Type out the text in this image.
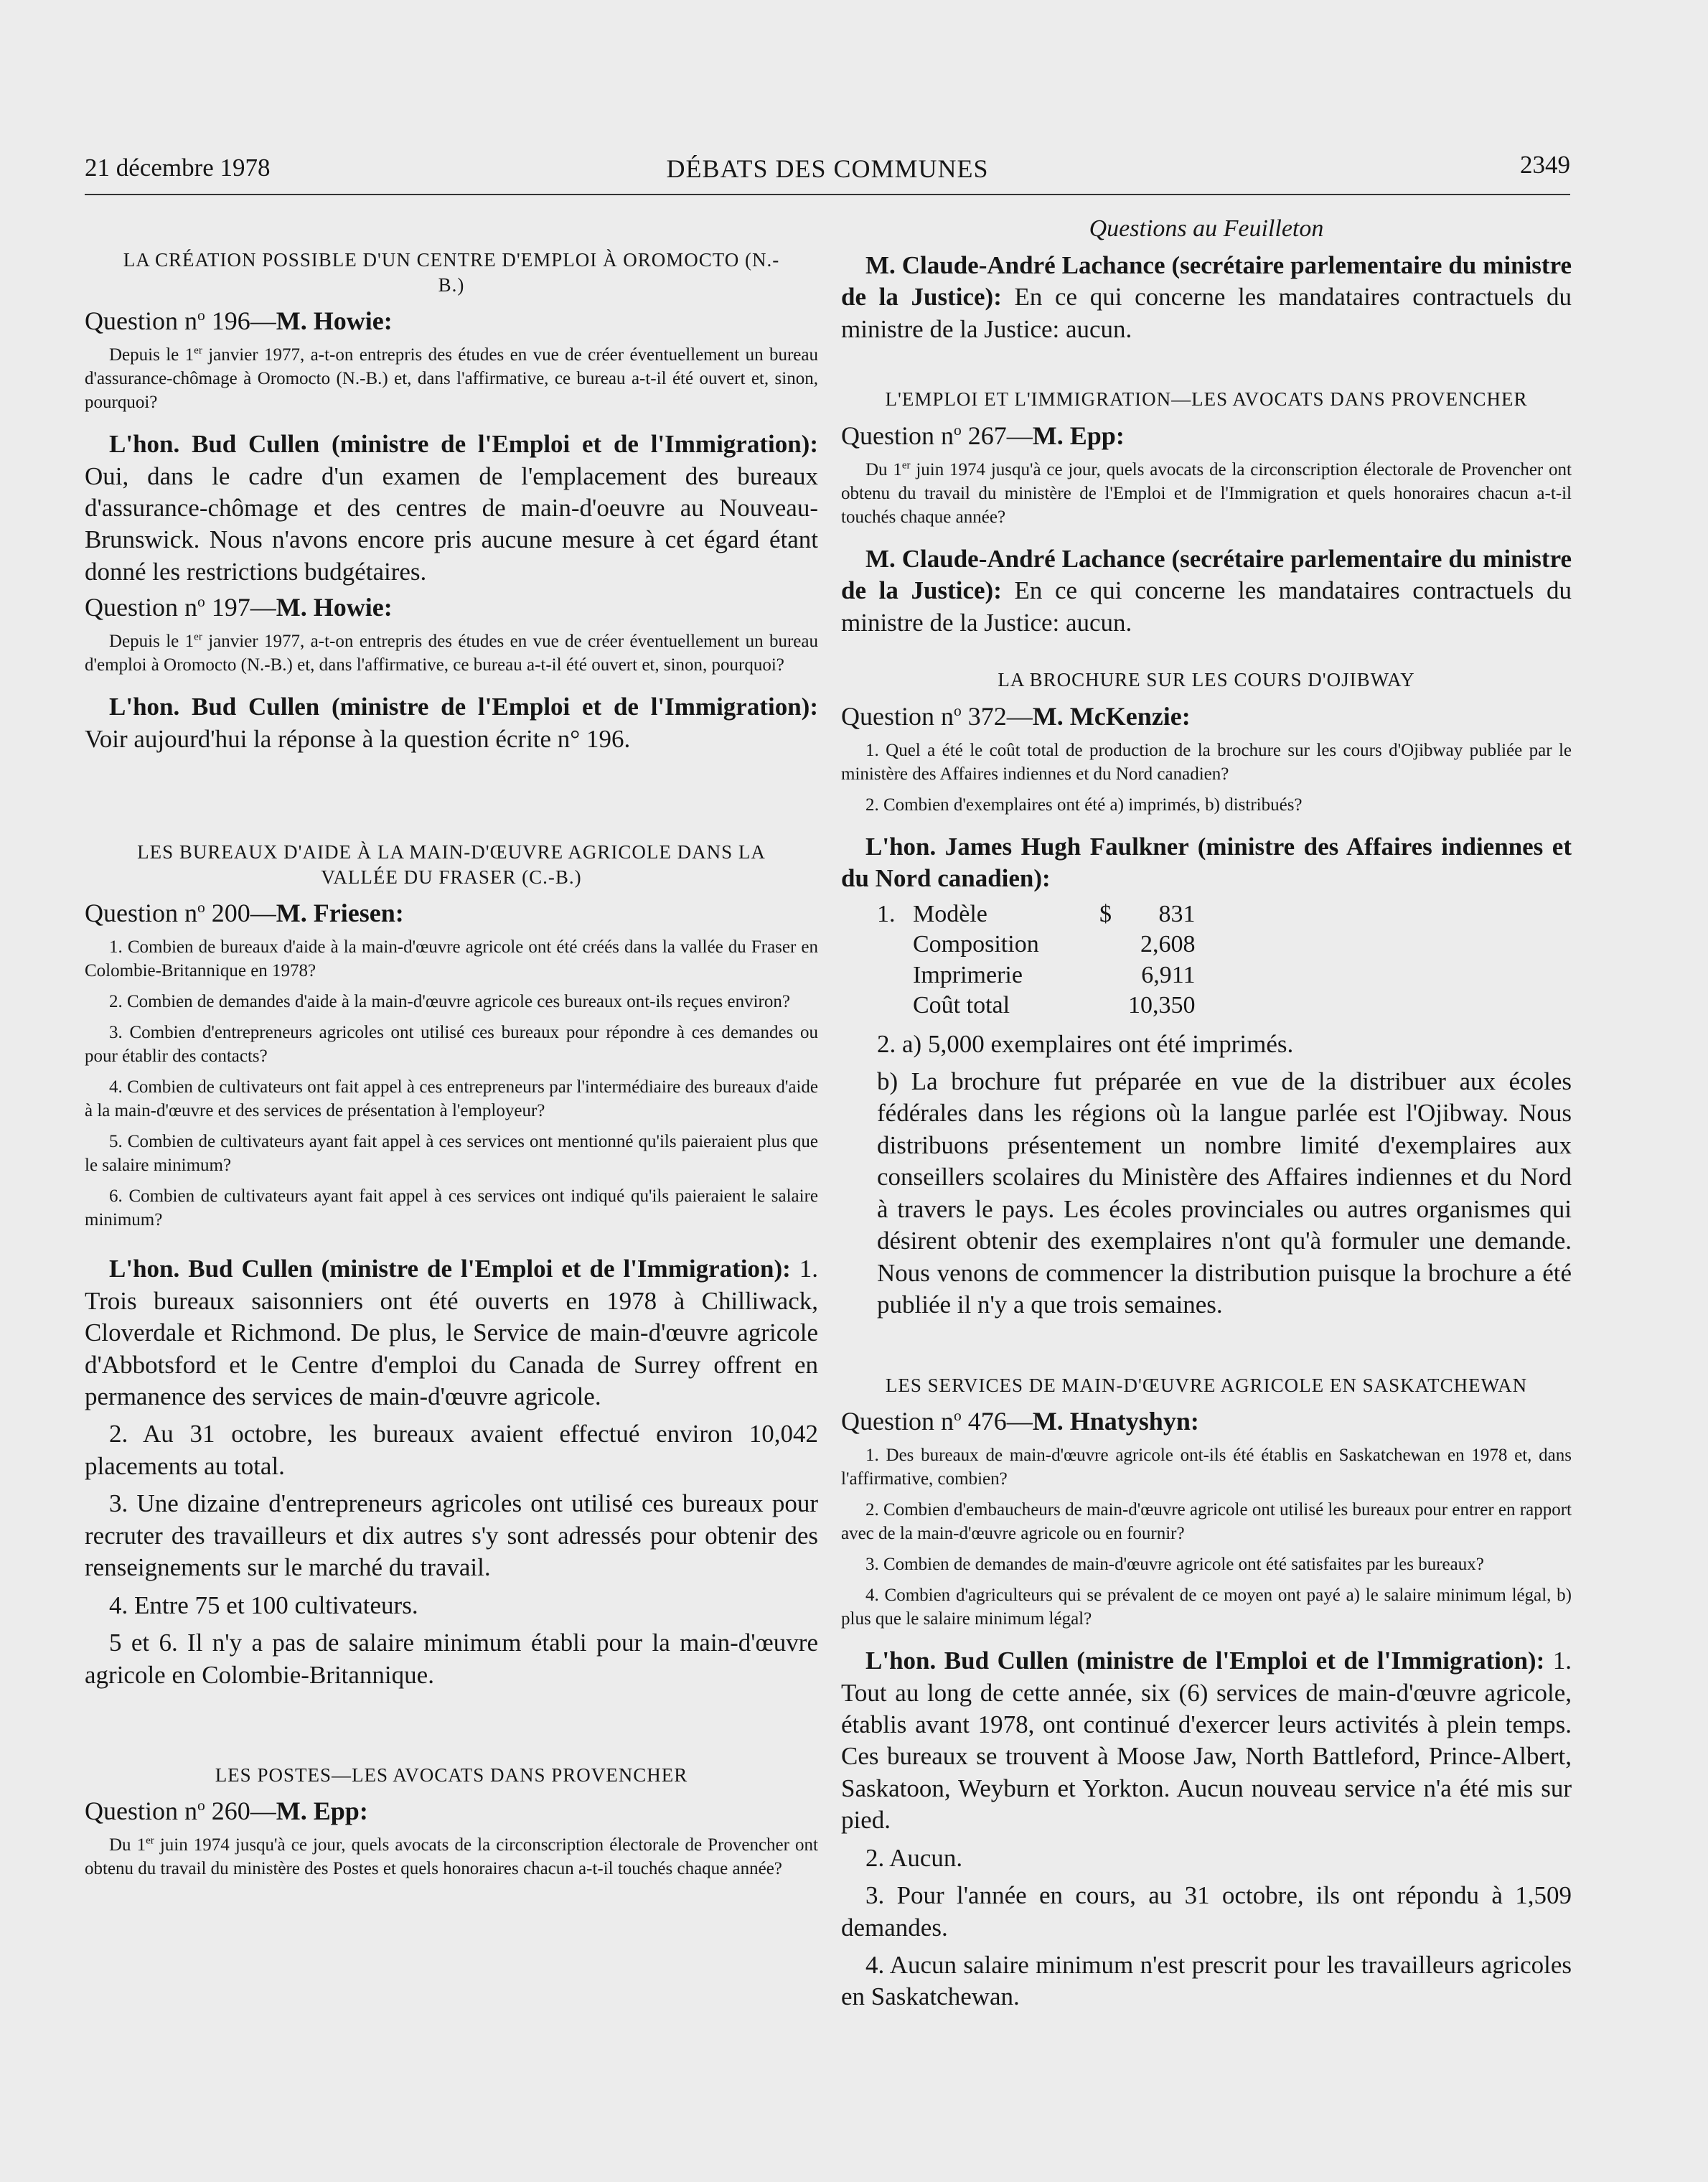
21 décembre 1978	DÉBATS DES COMMUNES	2349
LA CRÉATION POSSIBLE D'UN CENTRE D'EMPLOI À OROMOCTO (N.-B.)
Question $n^o$ 196—M. Howie:

Depuis le 1er janvier 1977, a-t-on entrepris des études en vue de créer éventuellement un bureau d'assurance-chômage à Oromocto (N.-B.) et, dans l'affirmative, ce bureau a-t-il été ouvert et, sinon, pourquoi?

L'hon. Bud Cullen (ministre de l'Emploi et de l'Immigration): Oui, dans le cadre d'un examen de l'emplacement des bureaux d'assurance-chômage et des centres de main-d'oeuvre au Nouveau-Brunswick. Nous n'avons encore pris aucune mesure à cet égard étant donné les restrictions budgétaires.

Question $n^o$ 197—M. Howie:

Depuis le 1er janvier 1977, a-t-on entrepris des études en vue de créer éventuellement un bureau d'emploi à Oromocto (N.-B.) et, dans l'affirmative, ce bureau a-t-il été ouvert et, sinon, pourquoi?

L'hon. Bud Cullen (ministre de l'Emploi et de l'Immigration): Voir aujourd'hui la réponse à la question écrite n° 196.

LES BUREAUX D'AIDE À LA MAIN-D'ŒUVRE AGRICOLE DANS LA VALLÉE DU FRASER (C.-B.)
Question $n^o$ 200—M. Friesen:

1. Combien de bureaux d'aide à la main-d'œuvre agricole ont été créés dans la vallée du Fraser en Colombie-Britannique en 1978?

2. Combien de demandes d'aide à la main-d'œuvre agricole ces bureaux ont-ils reçues environ?

3. Combien d'entrepreneurs agricoles ont utilisé ces bureaux pour répondre à ces demandes ou pour établir des contacts?

4. Combien de cultivateurs ont fait appel à ces entrepreneurs par l'intermédiaire des bureaux d'aide à la main-d'œuvre et des services de présentation à l'employeur?

5. Combien de cultivateurs ayant fait appel à ces services ont mentionné qu'ils paieraient plus que le salaire minimum?

6. Combien de cultivateurs ayant fait appel à ces services ont indiqué qu'ils paieraient le salaire minimum?

L'hon. Bud Cullen (ministre de l'Emploi et de l'Immigration): 1. Trois bureaux saisonniers ont été ouverts en 1978 à Chilliwack, Cloverdale et Richmond. De plus, le Service de main-d'œuvre agricole d'Abbotsford et le Centre d'emploi du Canada de Surrey offrent en permanence des services de main-d'œuvre agricole.

2. Au 31 octobre, les bureaux avaient effectué environ 10,042 placements au total.

3. Une dizaine d'entrepreneurs agricoles ont utilisé ces bureaux pour recruter des travailleurs et dix autres s'y sont adressés pour obtenir des renseignements sur le marché du travail.

4. Entre 75 et 100 cultivateurs.

5 et 6. Il n'y a pas de salaire minimum établi pour la main-d'œuvre agricole en Colombie-Britannique.

LES POSTES—LES AVOCATS DANS PROVENCHER
Question $n^o$ 260—M. Epp:

Du 1er juin 1974 jusqu'à ce jour, quels avocats de la circonscription électorale de Provencher ont obtenu du travail du ministère des Postes et quels honoraires chacun a-t-il touchés chaque année?

Questions au Feuilleton

M. Claude-André Lachance (secrétaire parlementaire du ministre de la Justice): En ce qui concerne les mandataires contractuels du ministre de la Justice: aucun.

L'EMPLOI ET L'IMMIGRATION—LES AVOCATS DANS PROVENCHER
Question $n^o$ 267—M. Epp:

Du 1er juin 1974 jusqu'à ce jour, quels avocats de la circonscription électorale de Provencher ont obtenu du travail du ministère de l'Emploi et de l'Immigration et quels honoraires chacun a-t-il touchés chaque année?

M. Claude-André Lachance (secrétaire parlementaire du ministre de la Justice): En ce qui concerne les mandataires contractuels du ministre de la Justice: aucun.

LA BROCHURE SUR LES COURS D'OJIBWAY
Question $n^o$ 372—M. McKenzie:

1. Quel a été le coût total de production de la brochure sur les cours d'Ojibway publiée par le ministère des Affaires indiennes et du Nord canadien?

2. Combien d'exemplaires ont été a) imprimés, b) distribués?

L'hon. James Hugh Faulkner (ministre des Affaires indiennes et du Nord canadien):

1.	Modèle	$	831
	Composition		2,608
	Imprimerie		6,911
	Coût total		10,350

2. a) 5,000 exemplaires ont été imprimés.

b) La brochure fut préparée en vue de la distribuer aux écoles fédérales dans les régions où la langue parlée est l'Ojibway. Nous distribuons présentement un nombre limité d'exemplaires aux conseillers scolaires du Ministère des Affaires indiennes et du Nord à travers le pays. Les écoles provinciales ou autres organismes qui désirent obtenir des exemplaires n'ont qu'à formuler une demande. Nous venons de commencer la distribution puisque la brochure a été publiée il n'y a que trois semaines.

LES SERVICES DE MAIN-D'ŒUVRE AGRICOLE EN SASKATCHEWAN
Question $n^o$ 476—M. Hnatyshyn:

1. Des bureaux de main-d'œuvre agricole ont-ils été établis en Saskatchewan en 1978 et, dans l'affirmative, combien?

2. Combien d'embaucheurs de main-d'œuvre agricole ont utilisé les bureaux pour entrer en rapport avec de la main-d'œuvre agricole ou en fournir?

3. Combien de demandes de main-d'œuvre agricole ont été satisfaites par les bureaux?

4. Combien d'agriculteurs qui se prévalent de ce moyen ont payé a) le salaire minimum légal, b) plus que le salaire minimum légal?

L'hon. Bud Cullen (ministre de l'Emploi et de l'Immigration): 1. Tout au long de cette année, six (6) services de main-d'œuvre agricole, établis avant 1978, ont continué d'exercer leurs activités à plein temps. Ces bureaux se trouvent à Moose Jaw, North Battleford, Prince-Albert, Saskatoon, Weyburn et Yorkton. Aucun nouveau service n'a été mis sur pied.

2. Aucun.

3. Pour l'année en cours, au 31 octobre, ils ont répondu à 1,509 demandes.

4. Aucun salaire minimum n'est prescrit pour les travailleurs agricoles en Saskatchewan.
